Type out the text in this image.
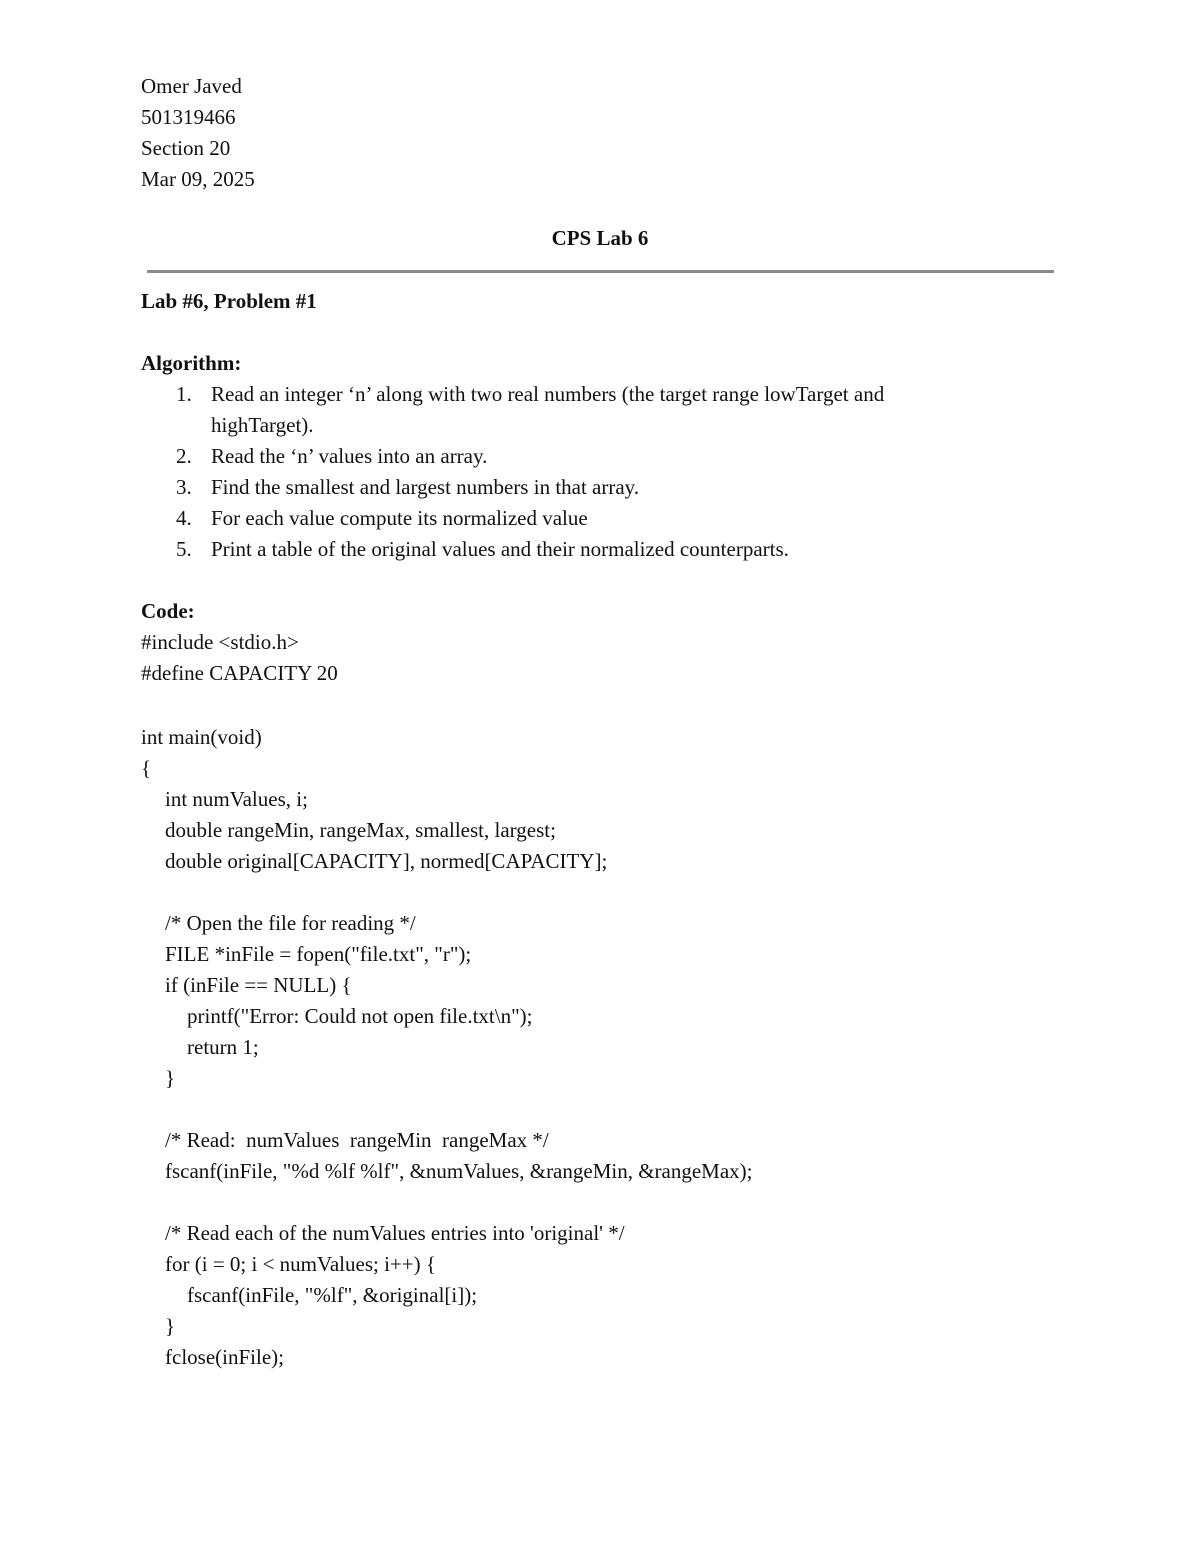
Omer Javed
501319466
Section 20
Mar 09, 2025
CPS Lab 6
Lab #6, Problem #1
Algorithm:
1. Read an integer ‘n’ along with two real numbers (the target range lowTarget and
highTarget).
2. Read the ‘n’ values into an array.
3. Find the smallest and largest numbers in that array.
4. For each value compute its normalized value
5. Print a table of the original values and their normalized counterparts.
Code:
#include <stdio.h>
#define CAPACITY 20
int main(void)
{
int numValues, i;
double rangeMin, rangeMax, smallest, largest;
double original[CAPACITY], normed[CAPACITY];
/* Open the file for reading */
FILE *inFile = fopen("file.txt", "r");
if (inFile == NULL) {
printf("Error: Could not open file.txt\n");
return 1;
}
/* Read:  numValues  rangeMin  rangeMax */
fscanf(inFile, "%d %lf %lf", &numValues, &rangeMin, &rangeMax);
/* Read each of the numValues entries into 'original' */
for (i = 0; i < numValues; i++) {
fscanf(inFile, "%lf", &original[i]);
}
fclose(inFile);
